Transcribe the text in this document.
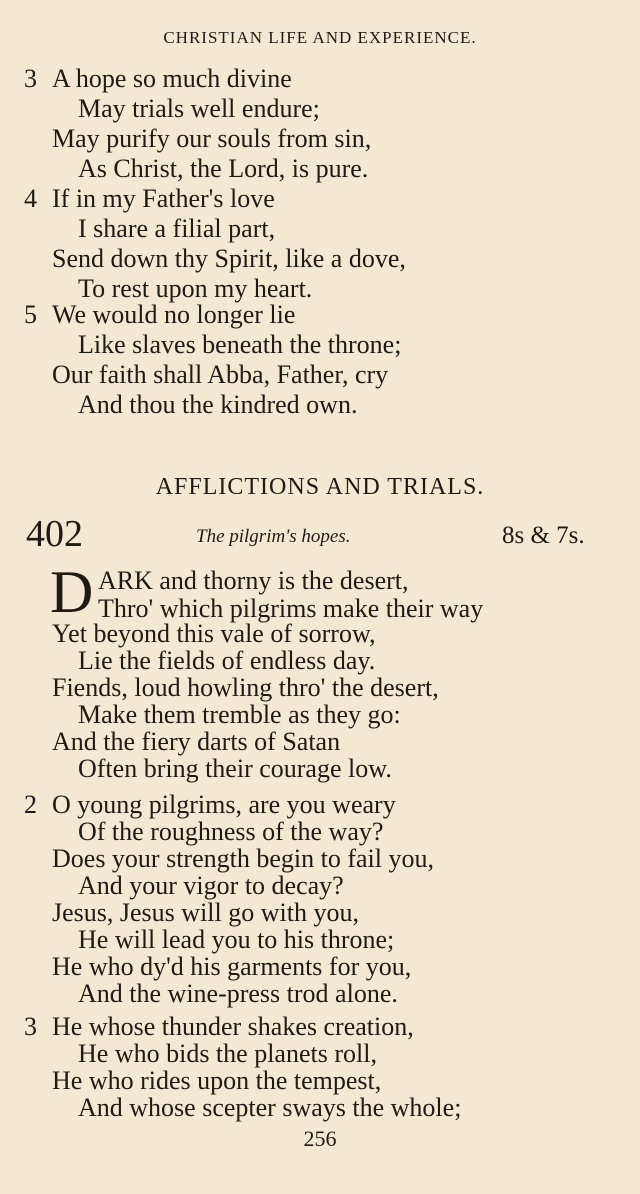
CHRISTIAN LIFE AND EXPERIENCE.
3 A hope so much divine
May trials well endure;
May purify our souls from sin,
As Christ, the Lord, is pure.
4 If in my Father's love
I share a filial part,
Send down thy Spirit, like a dove,
To rest upon my heart.
5 We would no longer lie
Like slaves beneath the throne;
Our faith shall Abba, Father, cry
And thou the kindred own.
AFFLICTIONS AND TRIALS.
402	The pilgrim's hopes.	8s & 7s.
D ARK and thorny is the desert,
Thro' which pilgrims make their way
Yet beyond this vale of sorrow,
Lie the fields of endless day.
Fiends, loud howling thro' the desert,
Make them tremble as they go:
And the fiery darts of Satan
Often bring their courage low.
2 O young pilgrims, are you weary
Of the roughness of the way?
Does your strength begin to fail you,
And your vigor to decay?
Jesus, Jesus will go with you,
He will lead you to his throne;
He who dy'd his garments for you,
And the wine-press trod alone.
3 He whose thunder shakes creation,
He who bids the planets roll,
He who rides upon the tempest,
And whose scepter sways the whole;
256
